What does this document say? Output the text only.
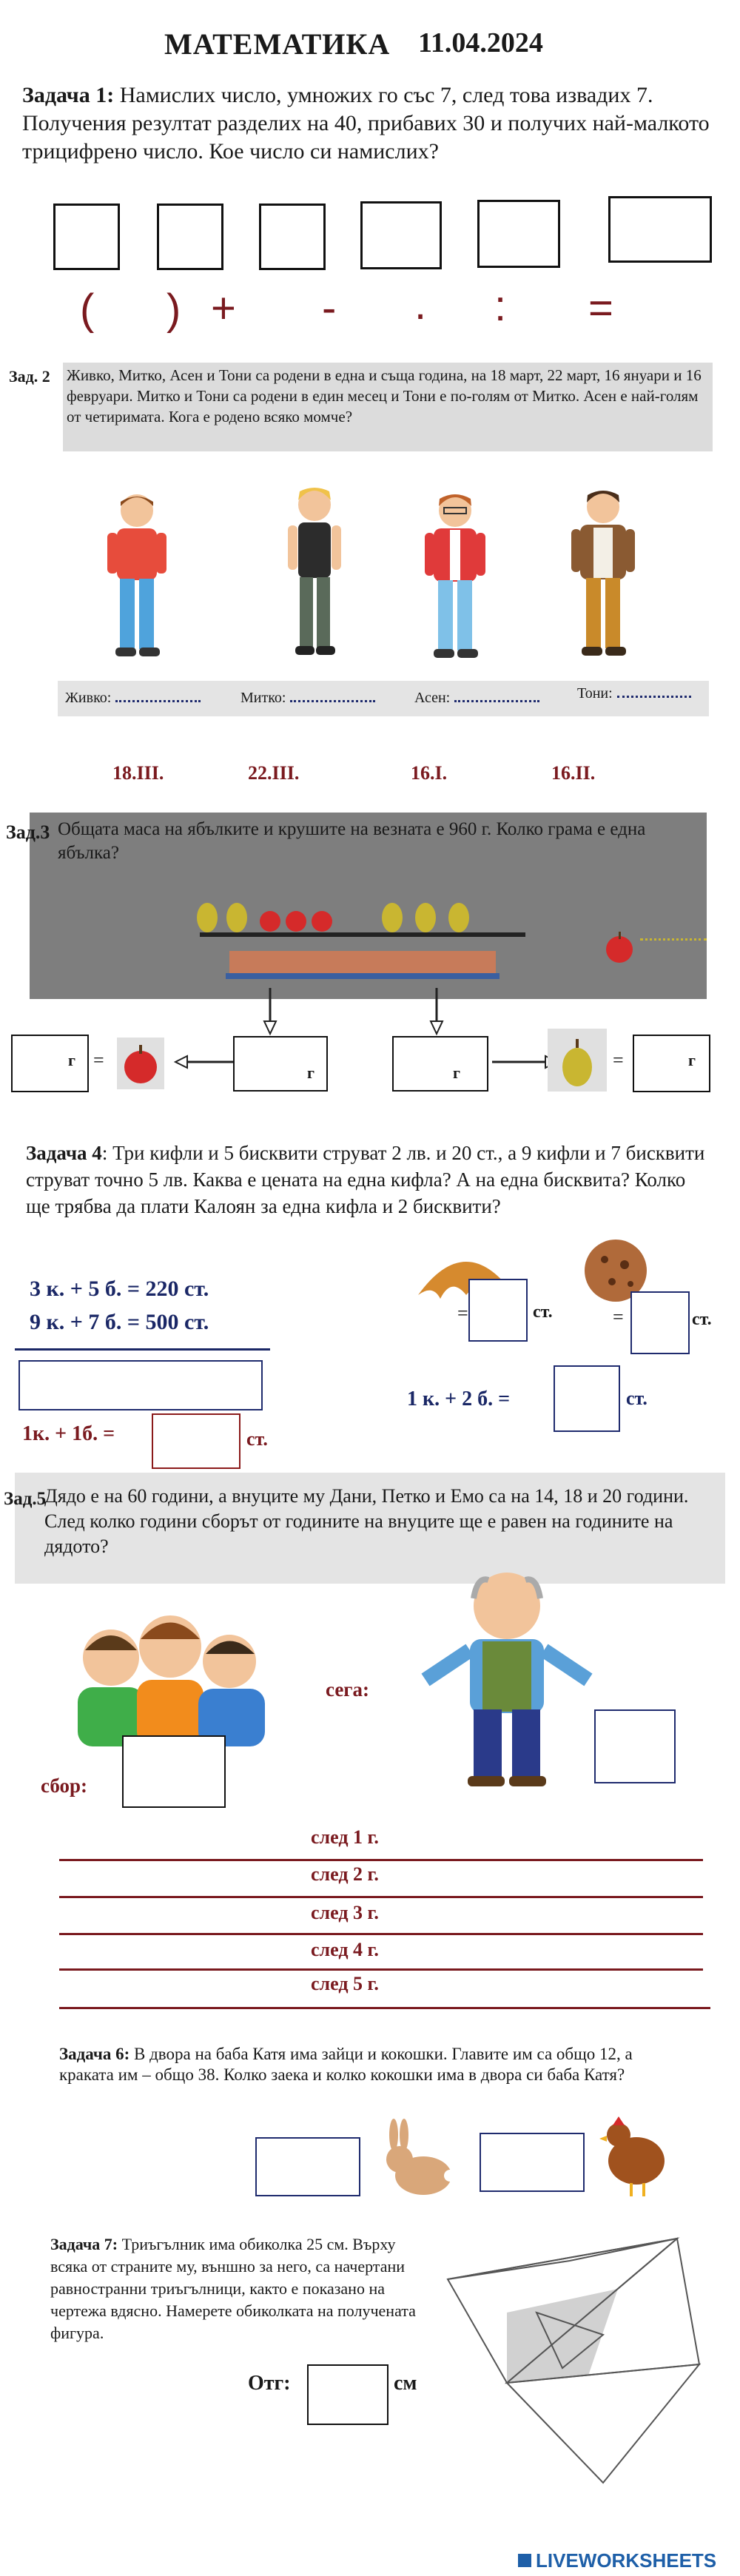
МАТЕМАТИКА 11.04.2024
Задача 1: Намислих число, умножих го със 7, след това извадих 7. Получения резултат разделих на 40, прибавих 30 и получих най-малкото трицифрено число. Кое число си намислих?
( ) + - . : =
Зад. 2 Живко, Митко, Асен и Тони са родени в една и съща година, на 18 март, 22 март, 16 януари и 16 февруари. Митко и Тони са родени в един месец и Тони е по-голям от Митко. Асен е най-голям от четиримата. Кога е родено всяко момче?
Живко:	Митко:	Асен:	Тони:
18.III.	22.III.	16.I.	16.II.
Зад.3 Общата маса на ябълките и крушите на везната е 960 г. Колко грама е една ябълка?
г =
г	г
=	г
Задача 4: Три кифли и 5 бисквити струват 2 лв. и 20 ст., а 9 кифли и 7 бисквити струват точно 5 лв. Каква е цената на една кифла? А на една бисквита? Колко ще трябва да плати Калоян за една кифла и 2 бисквити?
3 к. + 5 б. = 220 ст.
9 к. + 7 б. = 500 ст.
1к. + 1б. =	ст.
=	ст.	=	ст.
1 к. + 2 б. =	ст.
Зад.5
Дядо е на 60 години, а внуците му Дани, Петко и Емо са на 14, 18 и 20 години. След колко години сборът от годините на внуците ще е равен на годините на дядото?
сега:
сбор:
след 1 г.
след 2 г.
след 3 г.
след 4 г.
след 5 г.
Задача 6: В двора на баба Катя има зайци и кокошки. Главите им са общо 12, а краката им – общо 38. Колко заека и колко кокошки има в двора си баба Катя?
Задача 7: Триъгълник има обиколка 25 см. Върху всяка от страните му, външно за него, са начертани равностранни триъгълници, както е показано на чертежа вдясно. Намерете обиколката на получената фигура.
Отг:	см
LIVEWORKSHEETS
